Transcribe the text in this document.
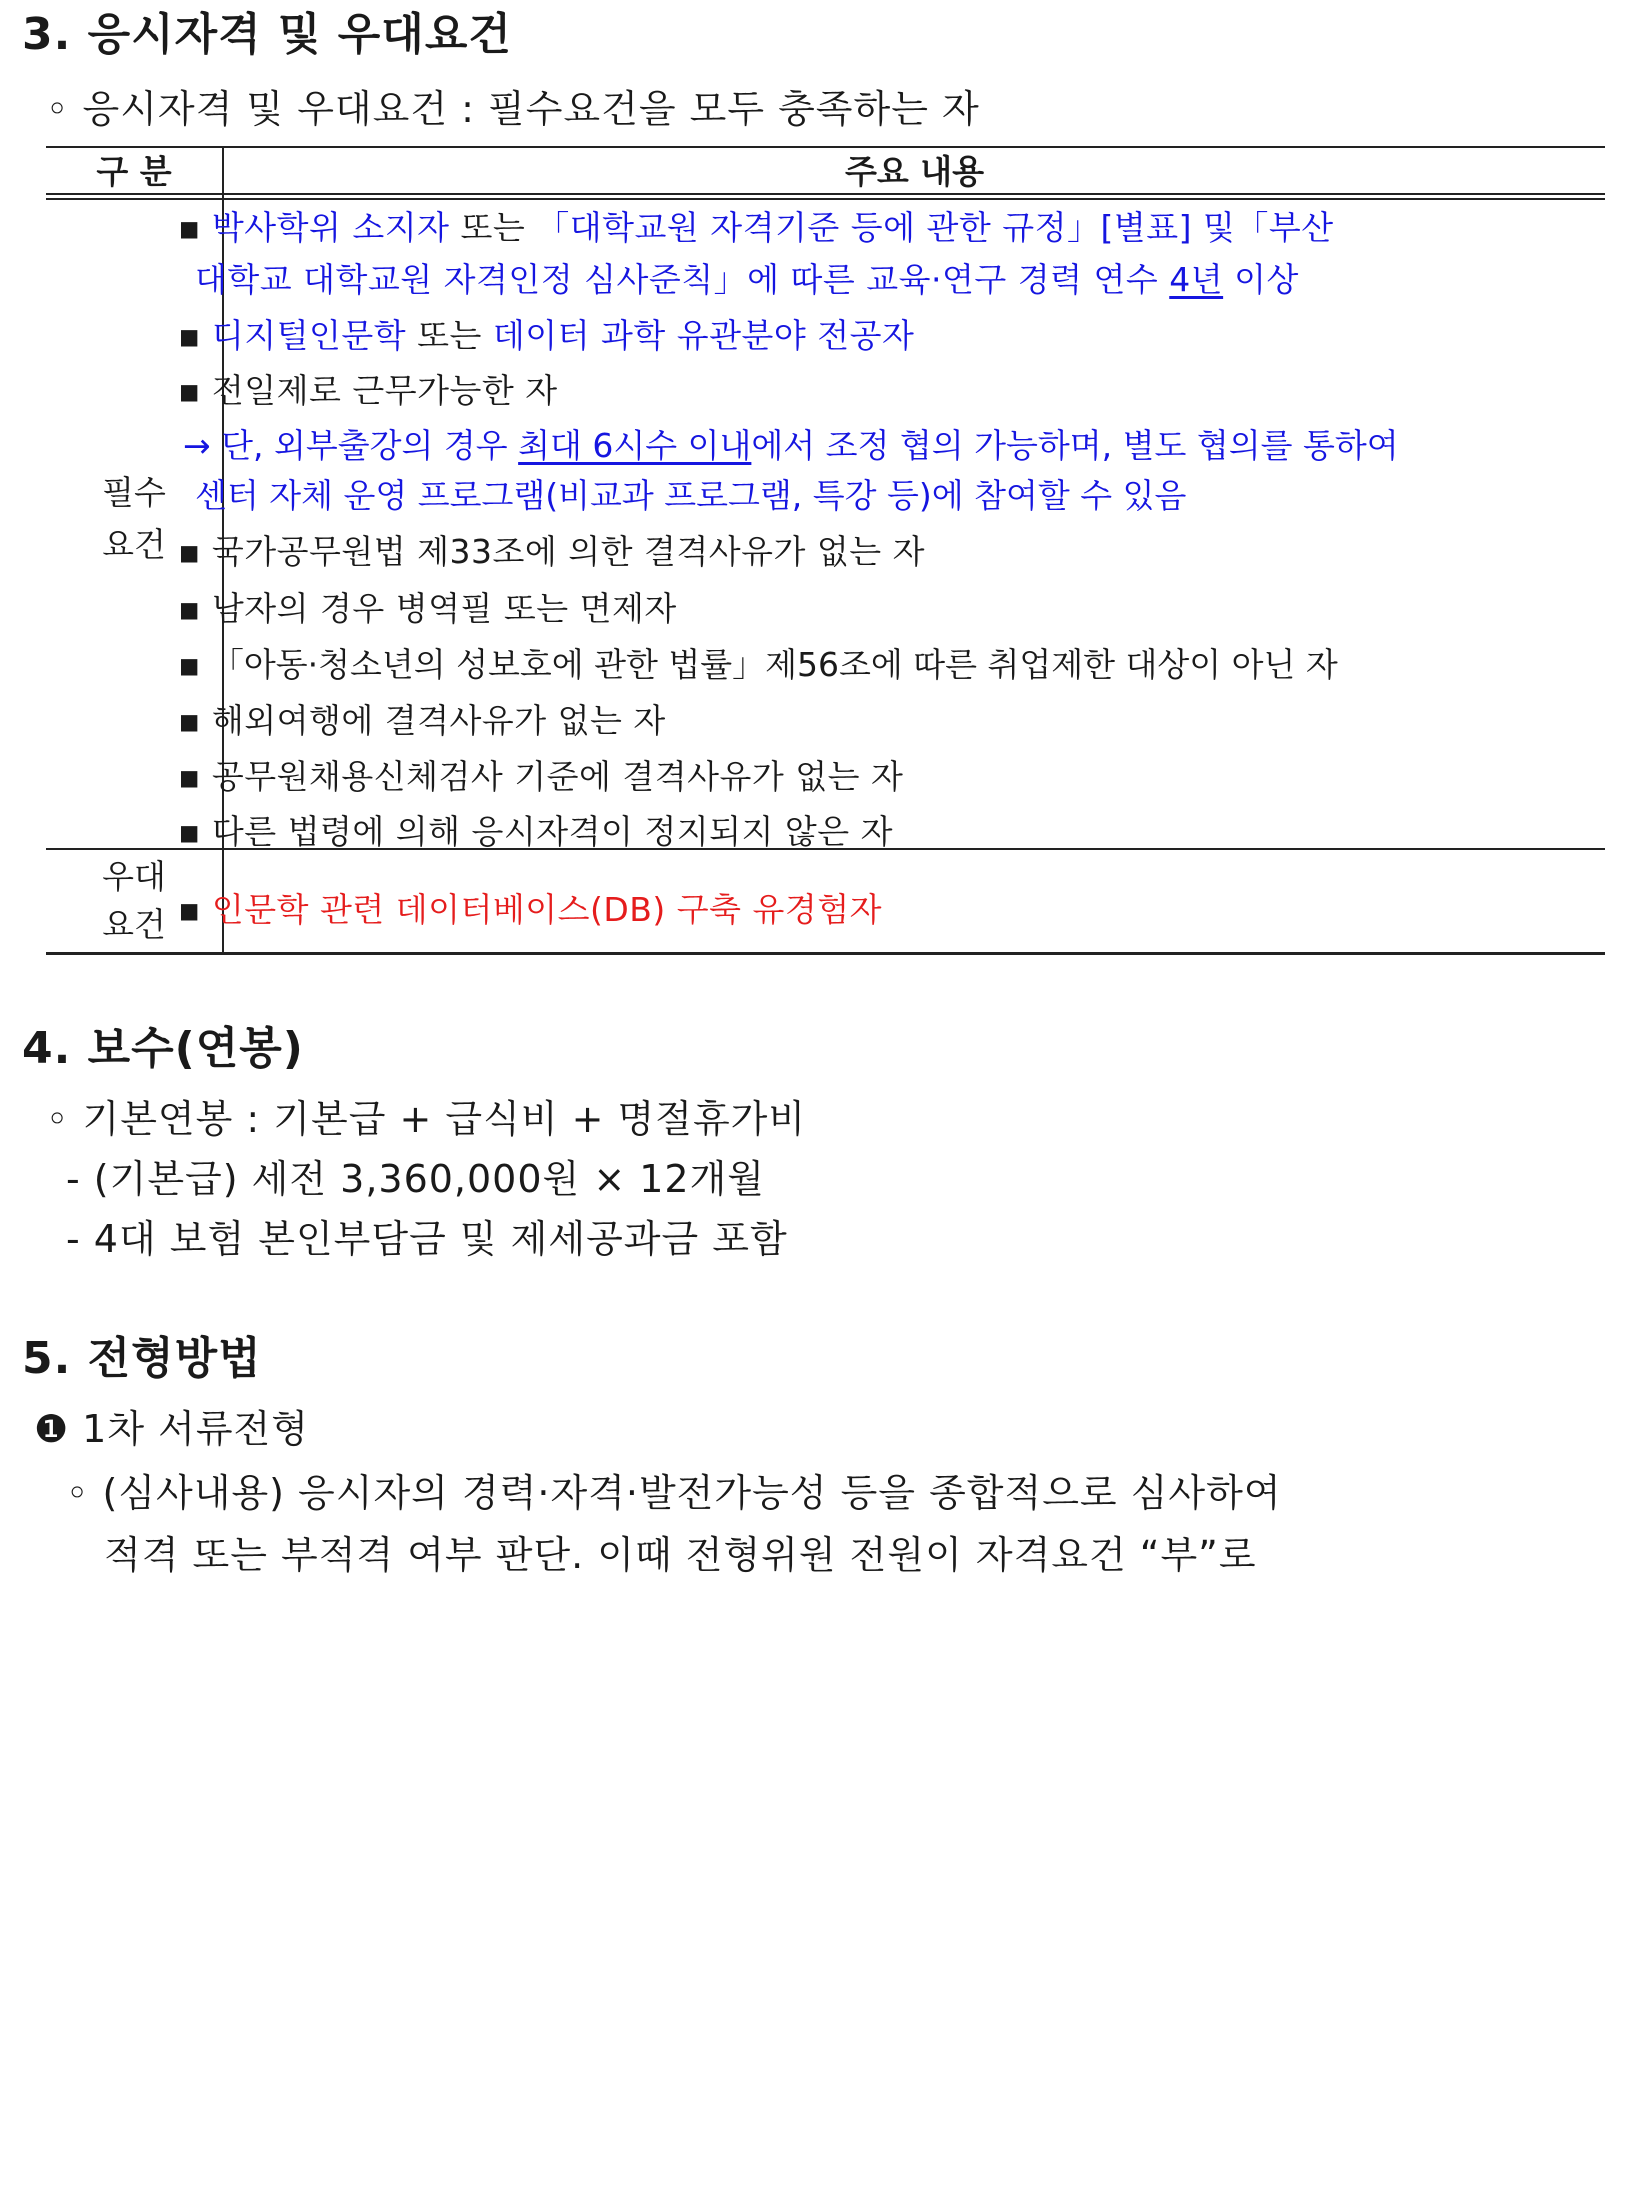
3. 응시자격 및 우대요건
◦ 응시자격 및 우대요건 : 필수요건을 모두 충족하는 자
구 분	주요 내용
필수
요건
▪ 박사학위 소지자 또는 「대학교원 자격기준 등에 관한 규정」[별표] 및「부산
대학교 대학교원 자격인정 심사준칙」에 따른 교육·연구 경력 연수 4년 이상
▪ 디지털인문학 또는 데이터 과학 유관분야 전공자
▪ 전일제로 근무가능한 자
→ 단, 외부출강의 경우 최대 6시수 이내에서 조정 협의 가능하며, 별도 협의를 통하여
센터 자체 운영 프로그램(비교과 프로그램, 특강 등)에 참여할 수 있음
▪ 국가공무원법 제33조에 의한 결격사유가 없는 자
▪ 남자의 경우 병역필 또는 면제자
▪ 「아동·청소년의 성보호에 관한 법률」제56조에 따른 취업제한 대상이 아닌 자
▪ 해외여행에 결격사유가 없는 자
▪ 공무원채용신체검사 기준에 결격사유가 없는 자
▪ 다른 법령에 의해 응시자격이 정지되지 않은 자
우대
요건 ▪ 인문학 관련 데이터베이스(DB) 구축 유경험자
4. 보수(연봉)
◦ 기본연봉 : 기본급 + 급식비 + 명절휴가비
- (기본급) 세전 3,360,000원 × 12개월
- 4대 보험 본인부담금 및 제세공과금 포함
5. 전형방법
❶ 1차 서류전형
◦ (심사내용) 응시자의 경력·자격·발전가능성 등을 종합적으로 심사하여
적격 또는 부적격 여부 판단. 이때 전형위원 전원이 자격요건 “부”로
